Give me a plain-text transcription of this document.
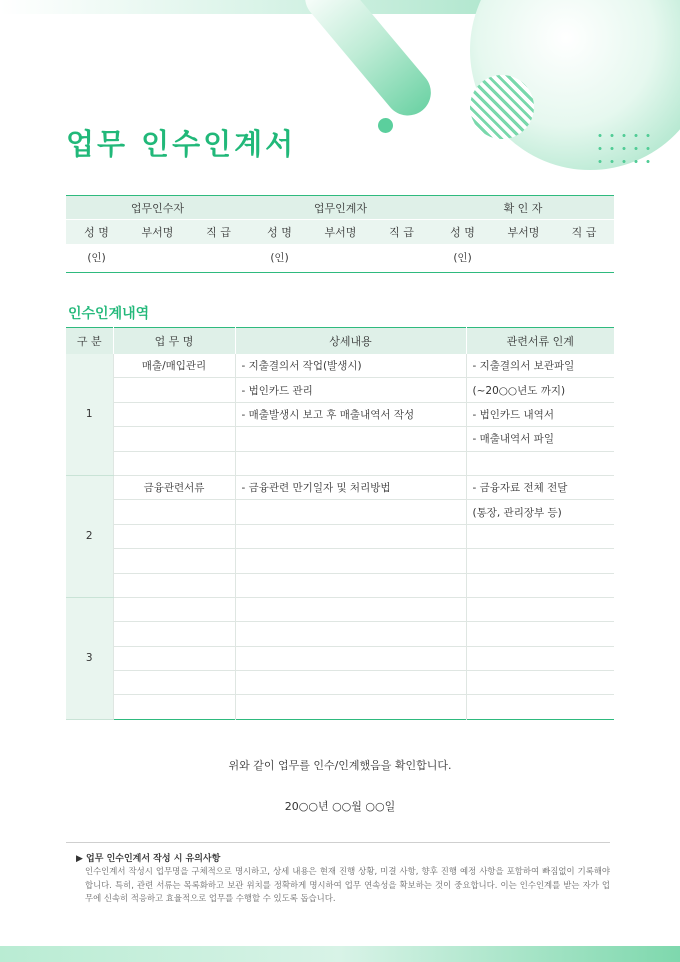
업무 인수인계서
업무인수자			업무인계자			확 인 자		
성 명	부서명	직 급	성 명	부서명	직 급	성 명	부서명	직 급
(인)			(인)			(인)		
인수인계내역
구 분	업 무 명	상세내용	관련서류 인계
1	매출/매입관리	- 지출결의서 작업(발생시)	- 지출결의서 보관파일
		- 법인카드 관리	(~20○○년도 까지)
		- 매출발생시 보고 후 매출내역서 작성	- 법인카드 내역서
			- 매출내역서 파일

2	금융관련서류	- 금융관련 만기일자 및 처리방법	- 금융자료 전체 전달
			(통장, 관리장부 등)

3			

위와 같이 업무를 인수/인계했음을 확인합니다.

20○○년 ○○월 ○○일

▶ 업무 인수인계서 작성 시 유의사항

인수인계서 작성시 업무명을 구체적으로 명시하고, 상세 내용은 현재 진행 상황, 미결 사항, 향후 진행 예정 사항을 포함하여 빠짐없이 기록해야 합니다. 특히, 관련 서류는 목록화하고 보관 위치를 정확하게 명시하여 업무 연속성을 확보하는 것이 중요합니다. 이는 인수인계를 받는 자가 업무에 신속히 적응하고 효율적으로 업무를 수행할 수 있도록 돕습니다.
